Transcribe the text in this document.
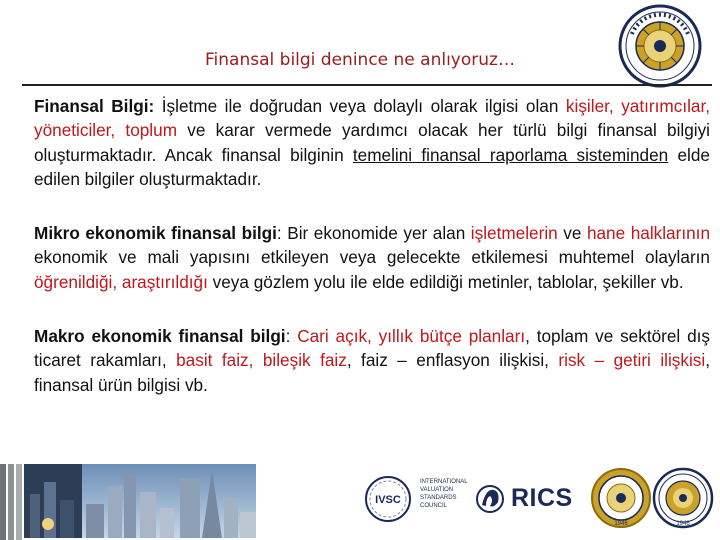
Finansal bilgi denince ne anlıyoruz…

Finansal Bilgi: İşletme ile doğrudan veya dolaylı olarak ilgisi olan kişiler, yatırımcılar, yöneticiler, toplum ve karar vermede yardımcı olacak her türlü bilgi finansal bilgiyi oluşturmaktadır. Ancak finansal bilginin temelini finansal raporlama sisteminden elde edilen bilgiler oluşturmaktadır.

Mikro ekonomik finansal bilgi: Bir ekonomide yer alan işletmelerin ve hane halklarının ekonomik ve mali yapısını etkileyen veya gelecekte etkilemesi muhtemel olayların öğrenildiği, araştırıldığı veya gözlem yolu ile elde edildiği metinler, tablolar, şekiller vb.

Makro ekonomik finansal bilgi: Cari açık, yıllık bütçe planları, toplam ve sektörel dış ticaret rakamları, basit faiz, bileşik faiz, faiz – enflasyon ilişkisi, risk – getiri ilişkisi, finansal ürün bilgisi vb.

IVSC
INTERNATIONAL VALUATION STANDARDS COUNCIL	RICS
1946	1946
